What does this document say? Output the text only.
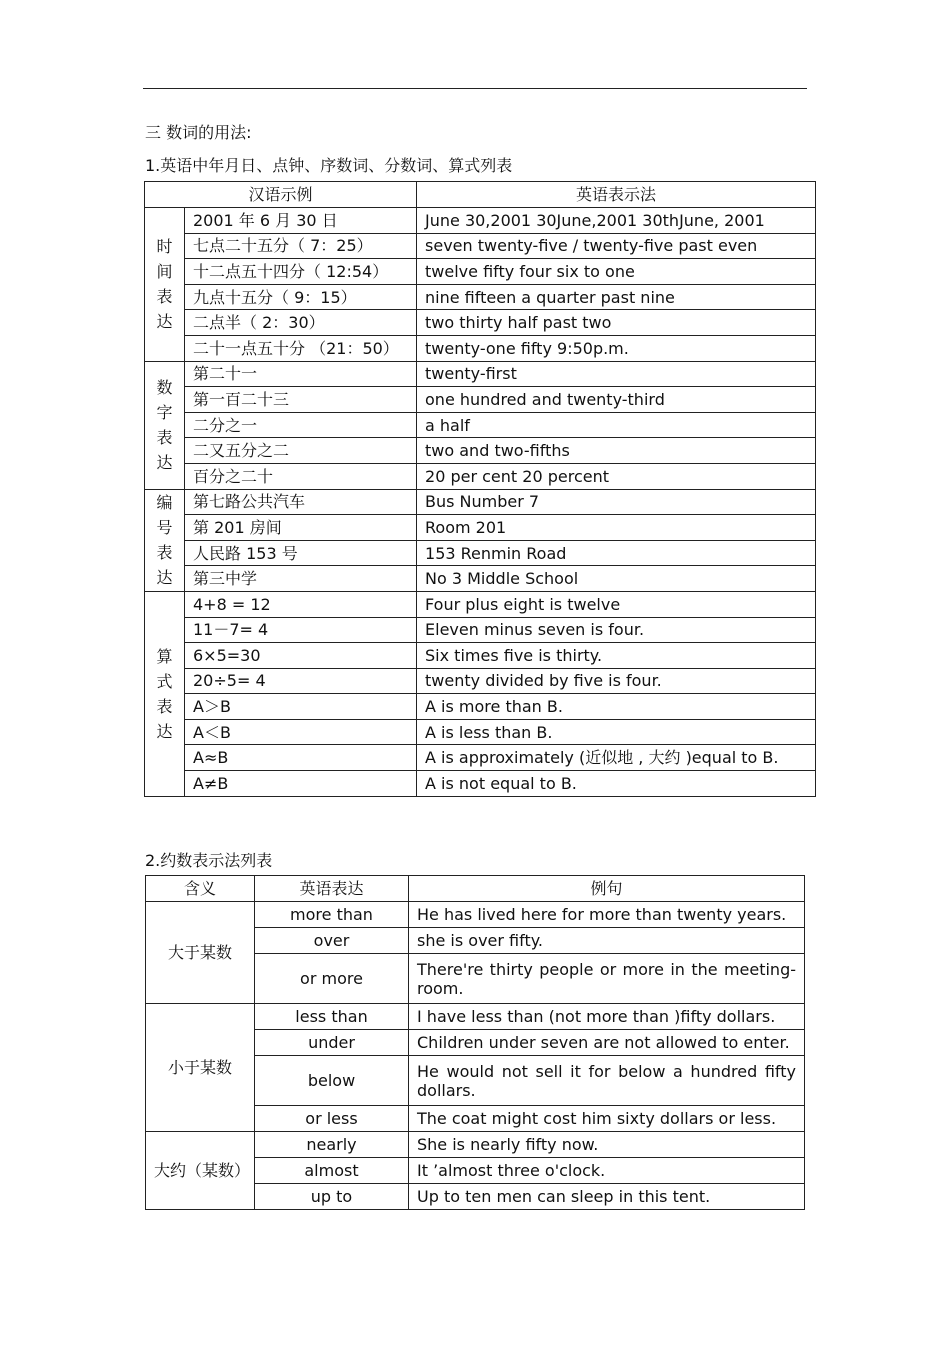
三 数词的用法:
1.英语中年月日、点钟、序数词、分数词、算式列表
汉语示例		英语表示法

时
间
表
达	2001 年 6 月 30 日	June 30,2001 30June,2001 30thJune, 2001
	七点二十五分（ 7：25）	seven twenty-five / twenty-five past even
	十二点五十四分（ 12:54）	twelve fifty four six to one
	九点十五分（ 9：15）	nine fifteen a quarter past nine
	二点半（ 2：30）	two thirty half past two
	二十一点五十分 （21：50）	twenty-one fifty 9:50p.m.

数
字
表
达	第二十一	twenty-first
	第一百二十三	one hundred and twenty-third
	二分之一	a half
	二又五分之二	two and two-fifths
	百分之二十	20 per cent 20 percent

编
号
表
达	第七路公共汽车	Bus Number 7
	第 201 房间	Room 201
	人民路 153 号	153 Renmin Road
	第三中学	No 3 Middle School

算
式
表
达	4+8 = 12	Four plus eight is twelve
	11－7= 4	Eleven minus seven is four.
	6×5=30	Six times five is thirty.
	20÷5= 4	twenty divided by five is four.
	A＞B	A is more than B.
	A＜B	A is less than B.
	A≈B	A is approximately (近似地 , 大约 )equal to B.
	A≠B	A is not equal to B.
2.约数表示法列表
含义	英语表达	例句
大于某数	more than	He has lived here for more than twenty years.
	over	she is over fifty.
	or more	There're thirty people or more in the meeting-room.
小于某数	less than	I have less than (not more than )fifty dollars.
	under	Children under seven are not allowed to enter.
	below	He would not sell it for below a hundred fifty dollars.
	or less	The coat might cost him sixty dollars or less.
大约（某数）	nearly	She is nearly fifty now.
	almost	It ’almost three o'clock.
	up to	Up to ten men can sleep in this tent.
